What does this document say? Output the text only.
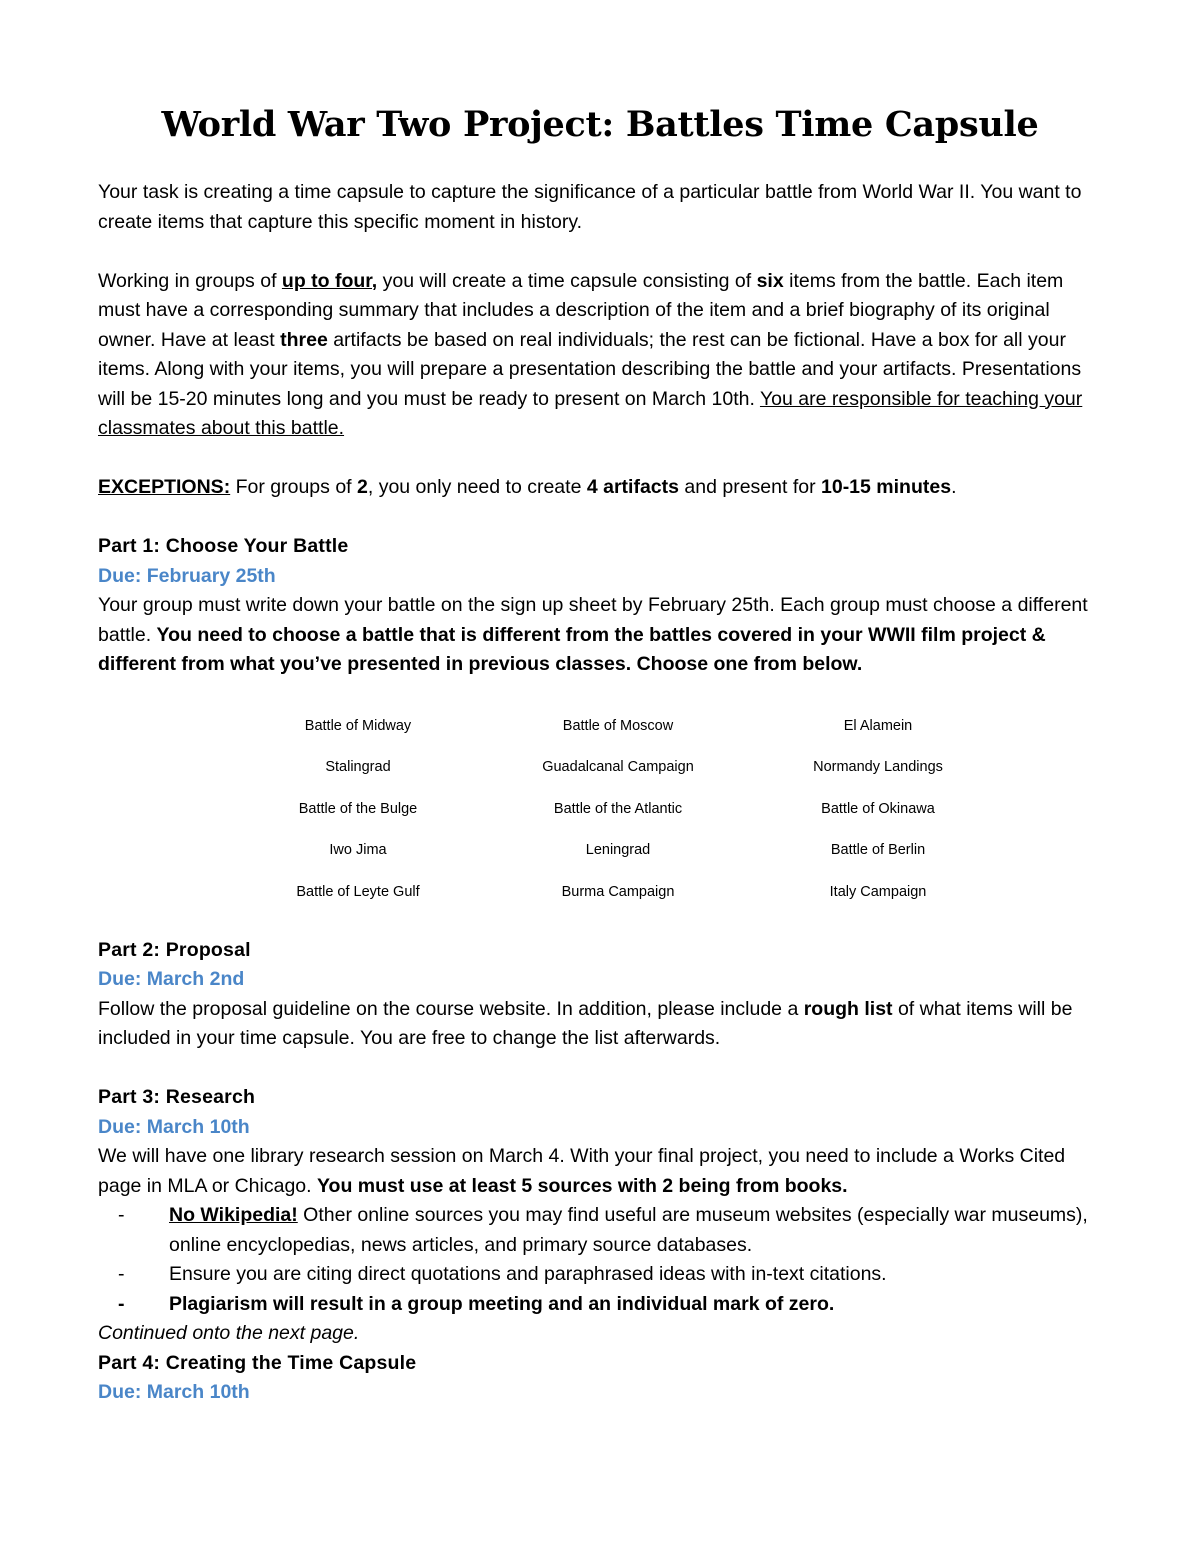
World War Two Project: Battles Time Capsule

Your task is creating a time capsule to capture the significance of a particular battle from World War II. You want to create items that capture this specific moment in history.

Working in groups of up to four, you will create a time capsule consisting of six items from the battle. Each item must have a corresponding summary that includes a description of the item and a brief biography of its original owner. Have at least three artifacts be based on real individuals; the rest can be fictional. Have a box for all your items. Along with your items, you will prepare a presentation describing the battle and your artifacts. Presentations will be 15-20 minutes long and you must be ready to present on March 10th. You are responsible for teaching your classmates about this battle.

EXCEPTIONS: For groups of 2, you only need to create 4 artifacts and present for 10-15 minutes.

Part 1: Choose Your Battle

Due: February 25th

Your group must write down your battle on the sign up sheet by February 25th. Each group must choose a different battle. You need to choose a battle that is different from the battles covered in your WWII film project & different from what you’ve presented in previous classes. Choose one from below.

Battle of Midway	Battle of Moscow	El Alamein
Stalingrad	Guadalcanal Campaign	Normandy Landings
Battle of the Bulge	Battle of the Atlantic	Battle of Okinawa
Iwo Jima	Leningrad	Battle of Berlin
Battle of Leyte Gulf	Burma Campaign	Italy Campaign

Part 2: Proposal

Due: March 2nd

Follow the proposal guideline on the course website. In addition, please include a rough list of what items will be included in your time capsule. You are free to change the list afterwards.

Part 3: Research

Due: March 10th

We will have one library research session on March 4. With your final project, you need to include a Works Cited page in MLA or Chicago. You must use at least 5 sources with 2 being from books.

- No Wikipedia! Other online sources you may find useful are museum websites (especially war museums), online encyclopedias, news articles, and primary source databases.
- Ensure you are citing direct quotations and paraphrased ideas with in-text citations.
- Plagiarism will result in a group meeting and an individual mark of zero.

Continued onto the next page.

Part 4: Creating the Time Capsule

Due: March 10th
